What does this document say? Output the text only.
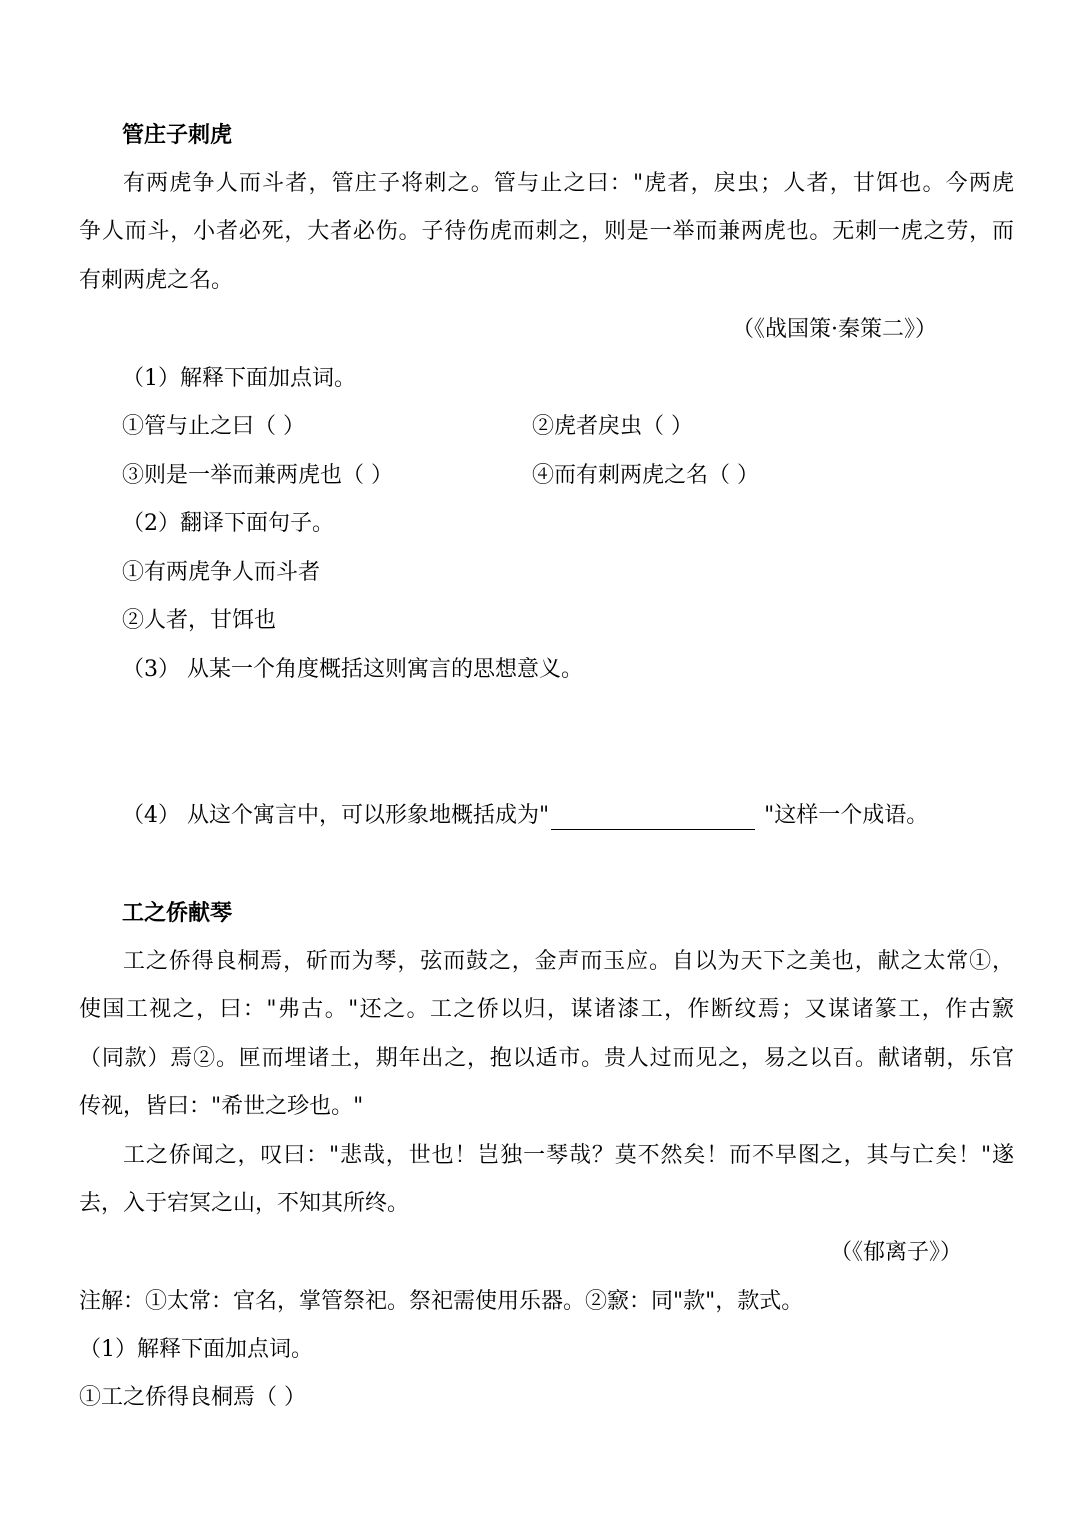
管庄子刺虎

有两虎争人而斗者，管庄子将刺之。管与止之曰："虎者，戾虫；人者，甘饵也。今两虎

争人而斗，小者必死，大者必伤。子待伤虎而刺之，则是一举而兼两虎也。无刺一虎之劳，而

有刺两虎之名。

（《战国策·秦策二》）

（1）解释下面加点词。

①管与止之曰（ ）	②虎者戾虫（ ）
③则是一举而兼两虎也（ ）	④而有刺两虎之名（ ）

（2）翻译下面句子。

①有两虎争人而斗者

②人者，甘饵也

（3） 从某一个角度概括这则寓言的思想意义。

（4） 从这个寓言中，可以形象地概括成为"	"这样一个成语。

工之侨献琴

工之侨得良桐焉，斫而为琴，弦而鼓之，金声而玉应。自以为天下之美也，献之太常①，

使国工视之，曰："弗古。"还之。工之侨以归，谋诸漆工，作断纹焉；又谋诸篆工，作古窾

（同款）焉②。匣而埋诸土，期年出之，抱以适市。贵人过而见之，易之以百。献诸朝，乐官

传视，皆曰："希世之珍也。"

工之侨闻之，叹曰："悲哉，世也！岂独一琴哉？莫不然矣！而不早图之，其与亡矣！"遂

去，入于宕冥之山，不知其所终。

（《郁离子》）

注解：①太常：官名，掌管祭祀。祭祀需使用乐器。②窾：同"款"，款式。

（1）解释下面加点词。

①工之侨得良桐焉（ ）
